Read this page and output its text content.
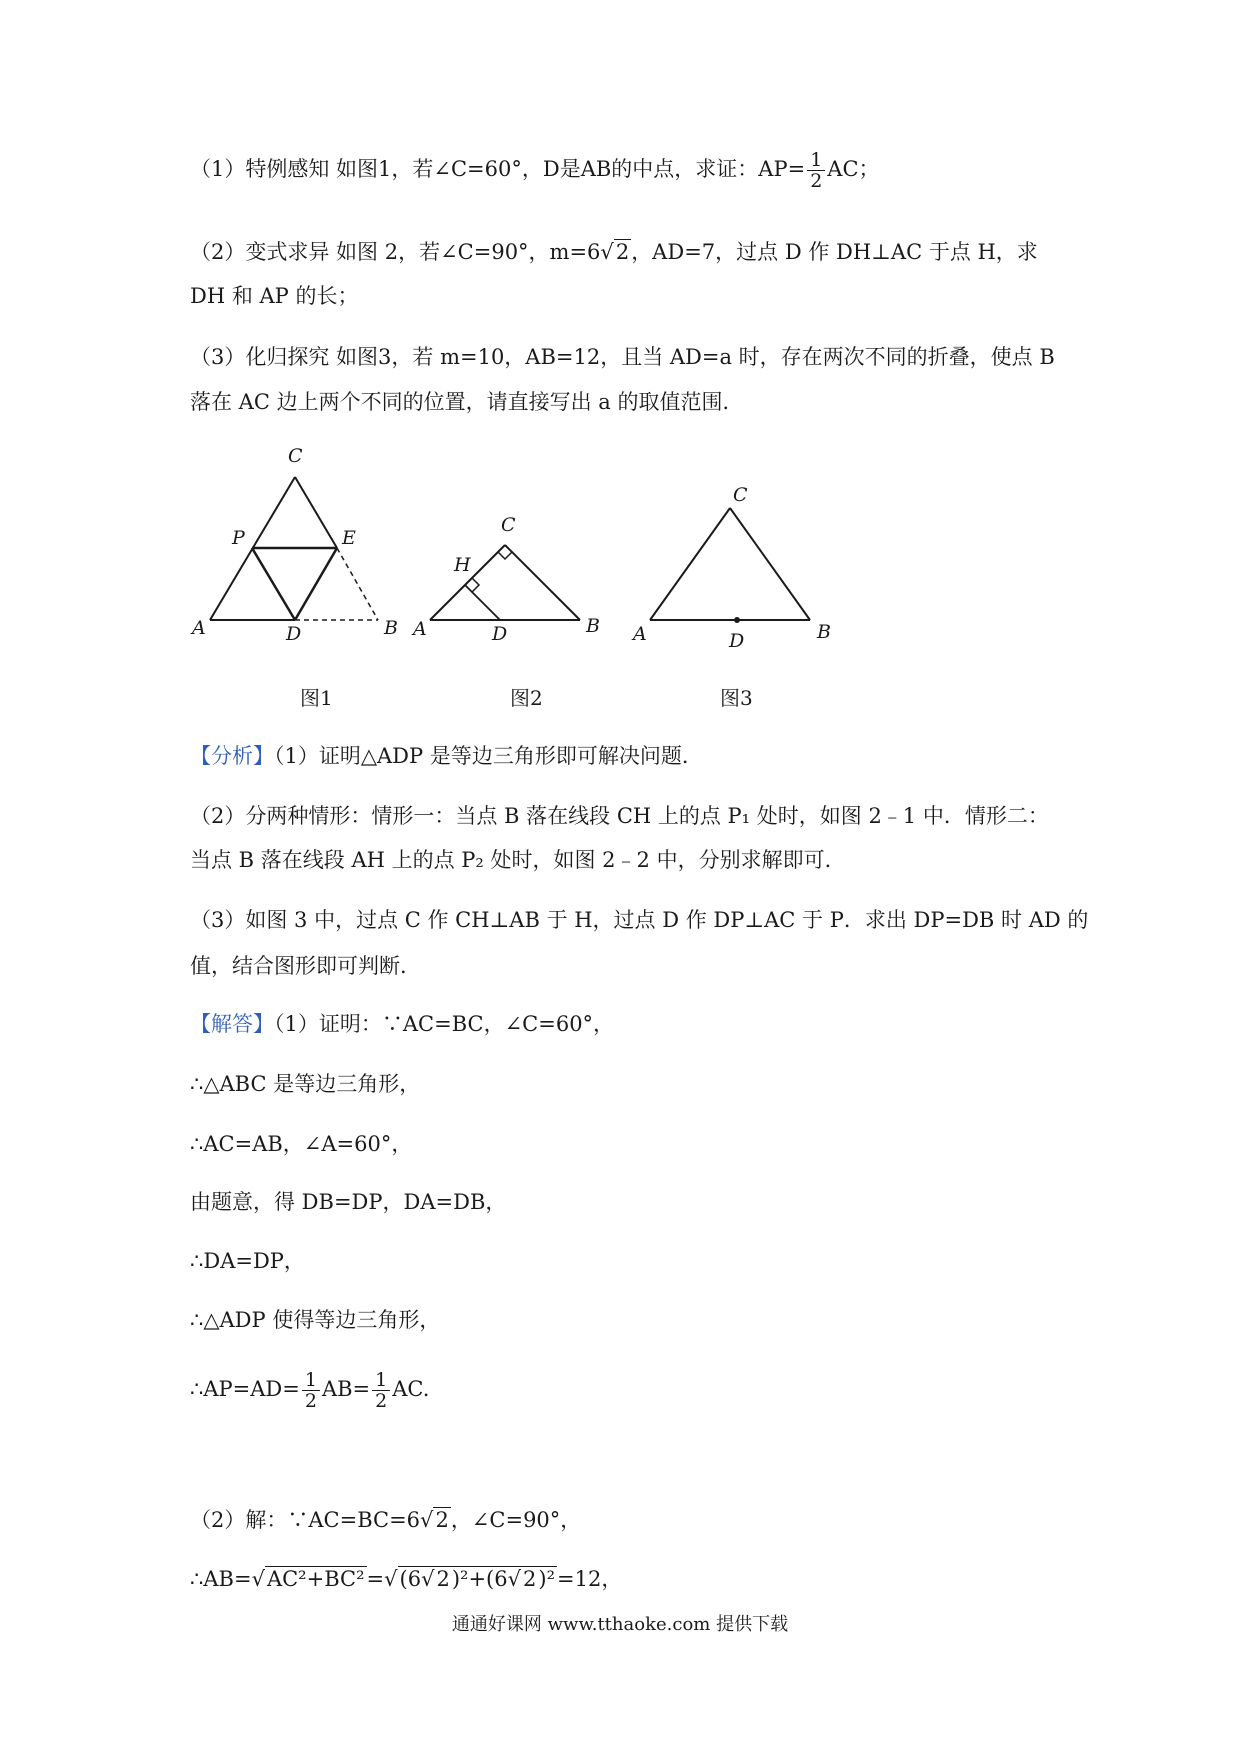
（1）特例感知 如图1，若∠C=60°，D是AB的中点，求证：$AP= \frac{1}{2}$ AC；
（2）变式求异 如图 2，若∠C=90°，m=6√2，AD=7，过点 D 作 DH⊥AC 于点 H，求
DH 和 AP 的长；
（3）化归探究 如图3，若 m=10，AB=12，且当 AD=a 时，存在两次不同的折叠，使点 B
落在 AC 边上两个不同的位置，请直接写出 a 的取值范围．
C
P	E
A	D	B
图1
C
H
A	D	B
图2
C
A	D	B
图3
【分析】（1）证明△ADP 是等边三角形即可解决问题．
（2）分两种情形：情形一：当点 B 落在线段 CH 上的点 P₁ 处时，如图 2﹣1 中．情形二：
当点 B 落在线段 AH 上的点 P₂ 处时，如图 2﹣2 中，分别求解即可．
（3）如图 3 中，过点 C 作 CH⊥AB 于 H，过点 D 作 DP⊥AC 于 P．求出 DP=DB 时 AD 的
值，结合图形即可判断．
【解答】（1）证明：∵AC=BC，∠C=60°，
∴△ABC 是等边三角形，
∴AC=AB，∠A=60°，
由题意，得 DB=DP，DA=DB，
∴DA=DP，
∴△ADP 使得等边三角形，
∴AP=AD= $\frac{1}{2} AB= \frac{1}{2}$ AC.
（2）解：∵AC=BC=6√2，∠C=90°，
∴AB=√AC²+BC²=√(6√2)²+(6√2)²=12，
通通好课网 www.tthaoke.com 提供下载
